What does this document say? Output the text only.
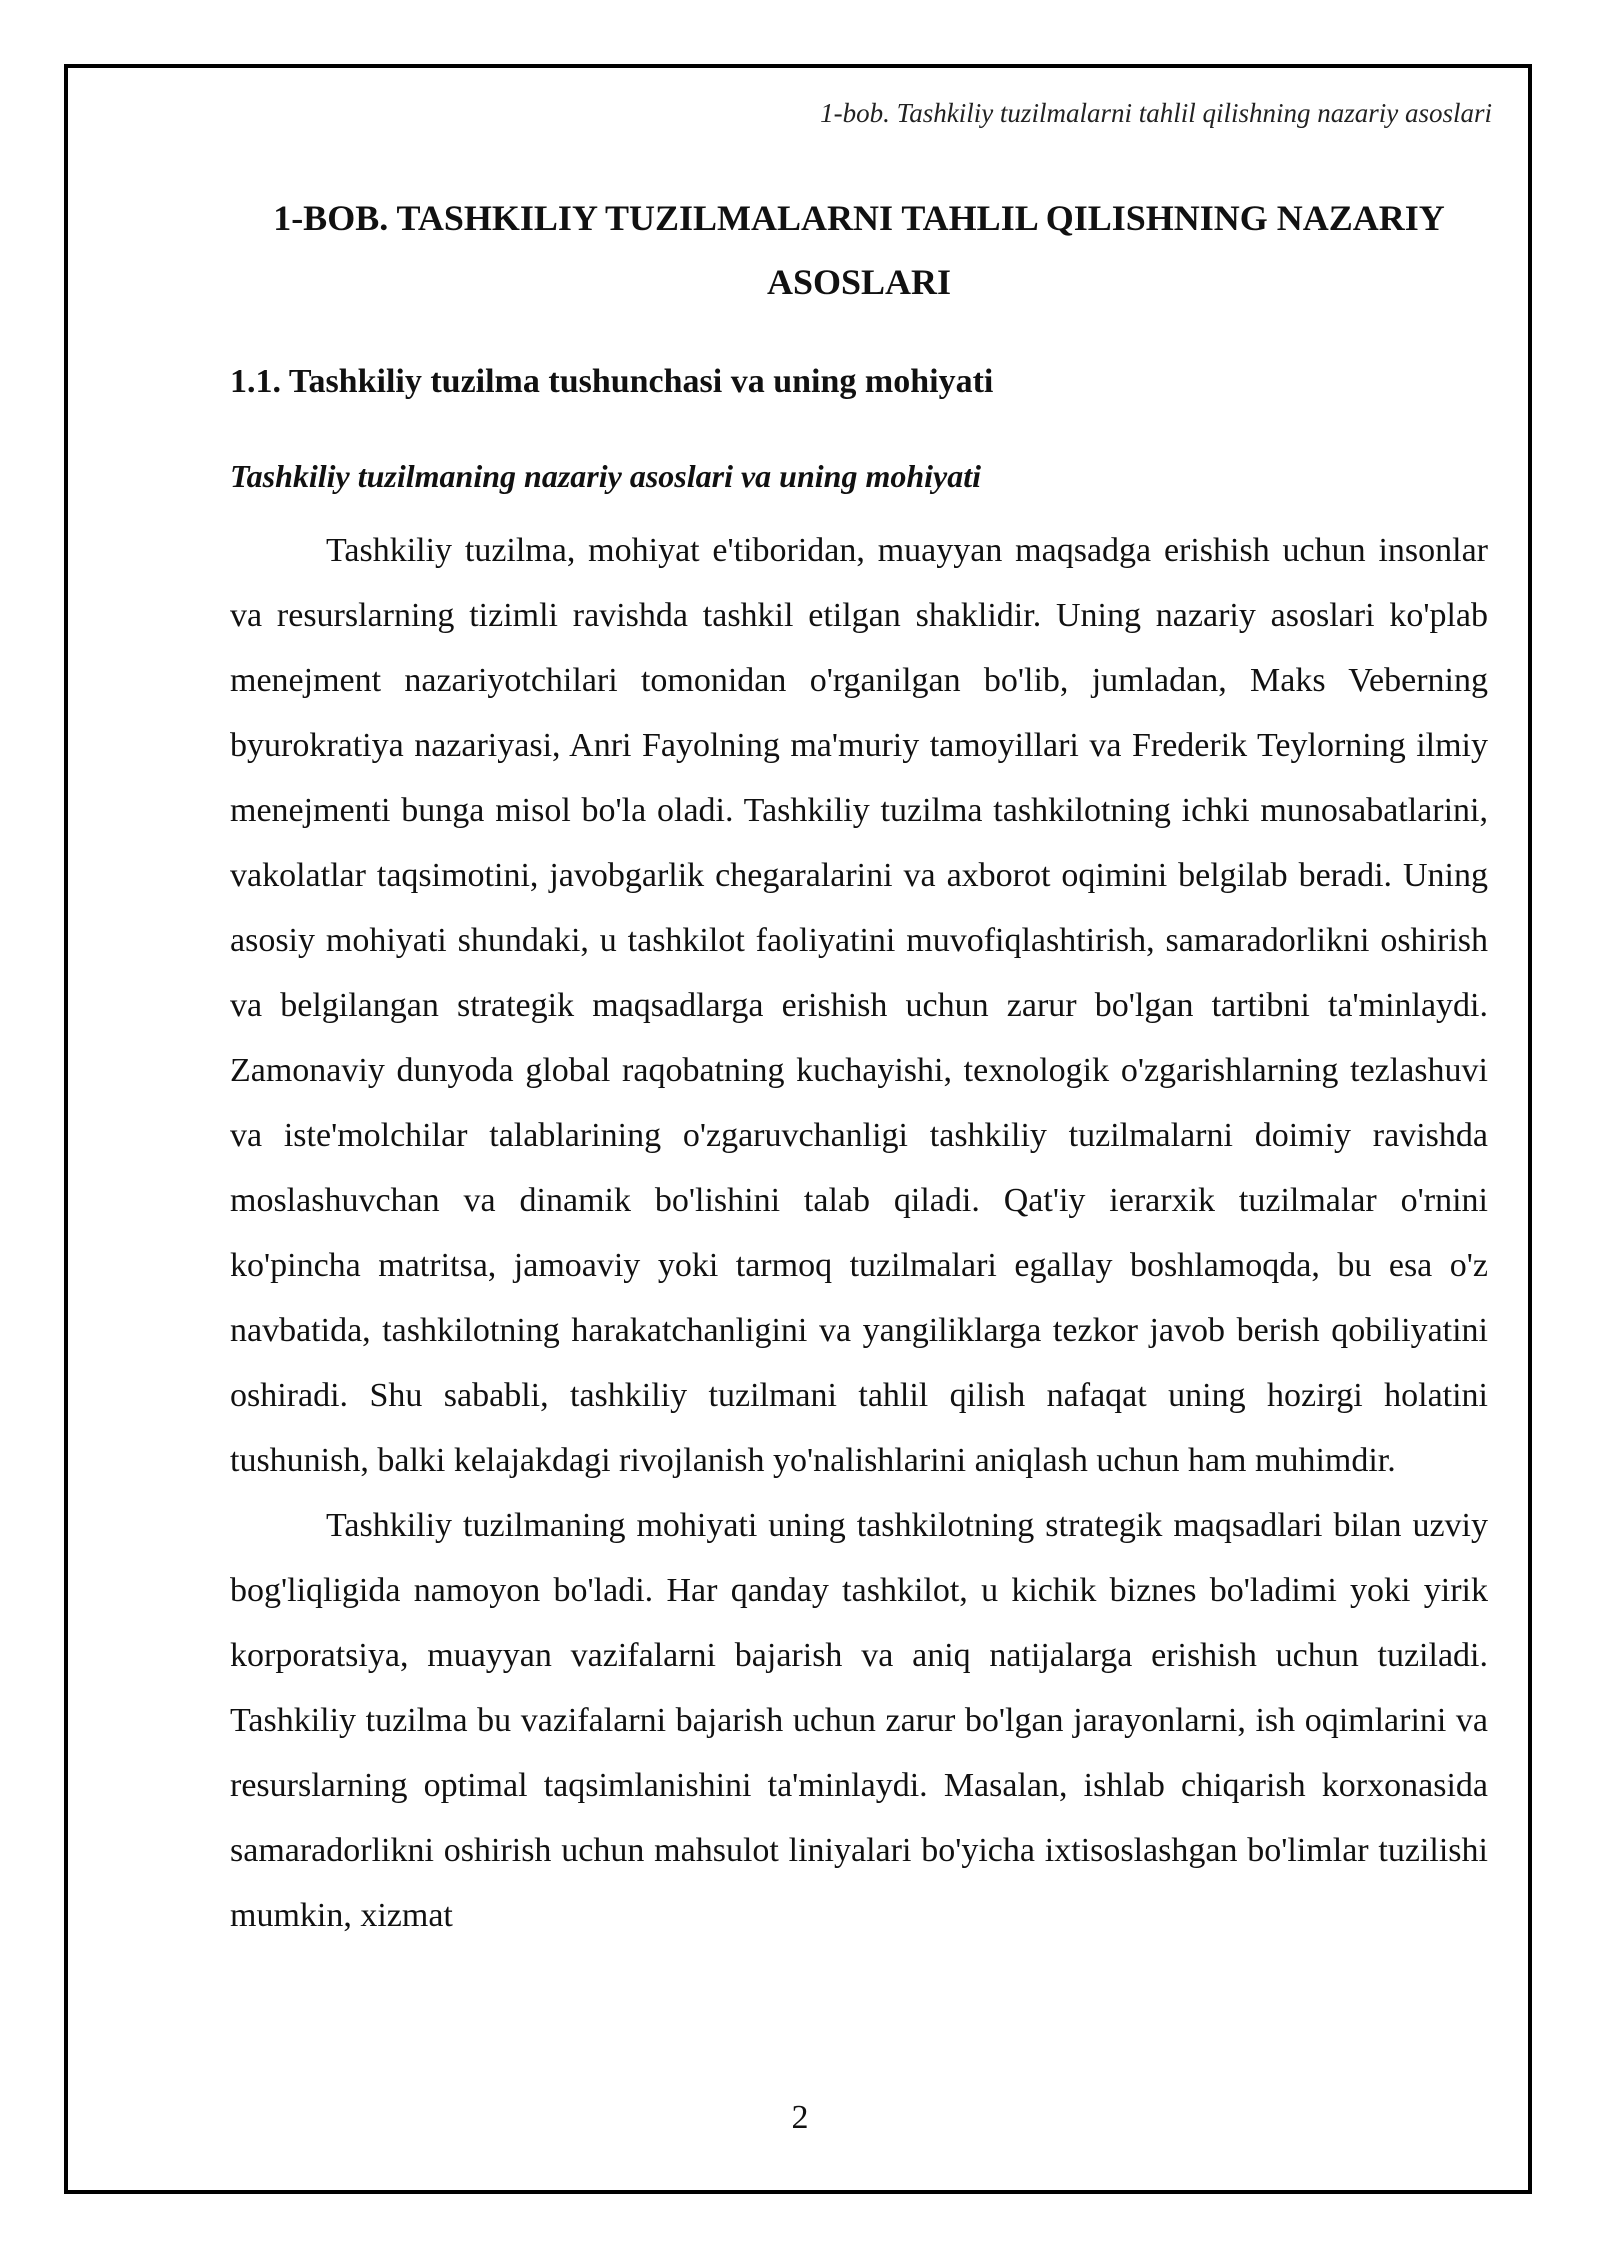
1-bob. Tashkiliy tuzilmalarni tahlil qilishning nazariy asoslari
1-BOB. TASHKILIY TUZILMALARNI TAHLIL QILISHNING NAZARIY ASOSLARI
1.1. Tashkiliy tuzilma tushunchasi va uning mohiyati
Tashkiliy tuzilmaning nazariy asoslari va uning mohiyati

Tashkiliy tuzilma, mohiyat e'tiboridan, muayyan maqsadga erishish uchun insonlar va resurslarning tizimli ravishda tashkil etilgan shaklidir. Uning nazariy asoslari ko'plab menejment nazariyotchilari tomonidan o'rganilgan bo'lib, jumladan, Maks Veberning byurokratiya nazariyasi, Anri Fayolning ma'muriy tamoyillari va Frederik Teylorning ilmiy menejmenti bunga misol bo'la oladi. Tashkiliy tuzilma tashkilotning ichki munosabatlarini, vakolatlar taqsimotini, javobgarlik chegaralarini va axborot oqimini belgilab beradi. Uning asosiy mohiyati shundaki, u tashkilot faoliyatini muvofiqlashtirish, samaradorlikni oshirish va belgilangan strategik maqsadlarga erishish uchun zarur bo'lgan tartibni ta'minlaydi. Zamonaviy dunyoda global raqobatning kuchayishi, texnologik o'zgarishlarning tezlashuvi va iste'molchilar talablarining o'zgaruvchanligi tashkiliy tuzilmalarni doimiy ravishda moslashuvchan va dinamik bo'lishini talab qiladi. Qat'iy ierarxik tuzilmalar o'rnini ko'pincha matritsa, jamoaviy yoki tarmoq tuzilmalari egallay boshlamoqda, bu esa o'z navbatida, tashkilotning harakatchanligini va yangiliklarga tezkor javob berish qobiliyatini oshiradi. Shu sababli, tashkiliy tuzilmani tahlil qilish nafaqat uning hozirgi holatini tushunish, balki kelajakdagi rivojlanish yo'nalishlarini aniqlash uchun ham muhimdir.

Tashkiliy tuzilmaning mohiyati uning tashkilotning strategik maqsadlari bilan uzviy bog'liqligida namoyon bo'ladi. Har qanday tashkilot, u kichik biznes bo'ladimi yoki yirik korporatsiya, muayyan vazifalarni bajarish va aniq natijalarga erishish uchun tuziladi. Tashkiliy tuzilma bu vazifalarni bajarish uchun zarur bo'lgan jarayonlarni, ish oqimlarini va resurslarning optimal taqsimlanishini ta'minlaydi. Masalan, ishlab chiqarish korxonasida samaradorlikni oshirish uchun mahsulot liniyalari bo'yicha ixtisoslashgan bo'limlar tuzilishi mumkin, xizmat

2
